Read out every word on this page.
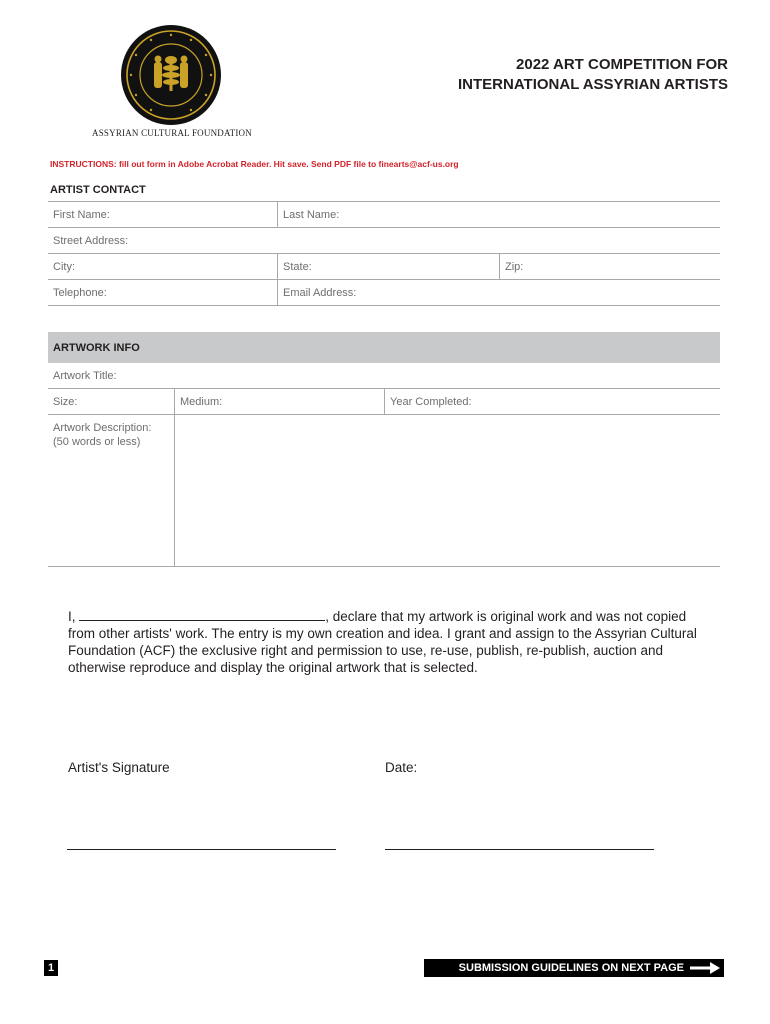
ASSYRIAN CULTURAL FOUNDATION
2022 ART COMPETITION FOR
INTERNATIONAL ASSYRIAN ARTISTS
INSTRUCTIONS: fill out form in Adobe Acrobat Reader. Hit save. Send PDF file to finearts@acf-us.org
ARTIST CONTACT
First Name:	Last Name:
Street Address:
City:	State:	Zip:
Telephone:	Email Address:
ARTWORK INFO
Artwork Title:
Size:	Medium:	Year Completed:
Artwork Description:
(50 words or less)
I,	, declare that my artwork is original work and was not copied from other artists' work. The entry is my own creation and idea. I grant and assign to the Assyrian Cultural Foundation (ACF) the exclusive right and permission to use, re-use, publish, re-publish, auction and otherwise reproduce and display the original artwork that is selected.
Artist's Signature	Date:
1	SUBMISSION GUIDELINES ON NEXT PAGE
